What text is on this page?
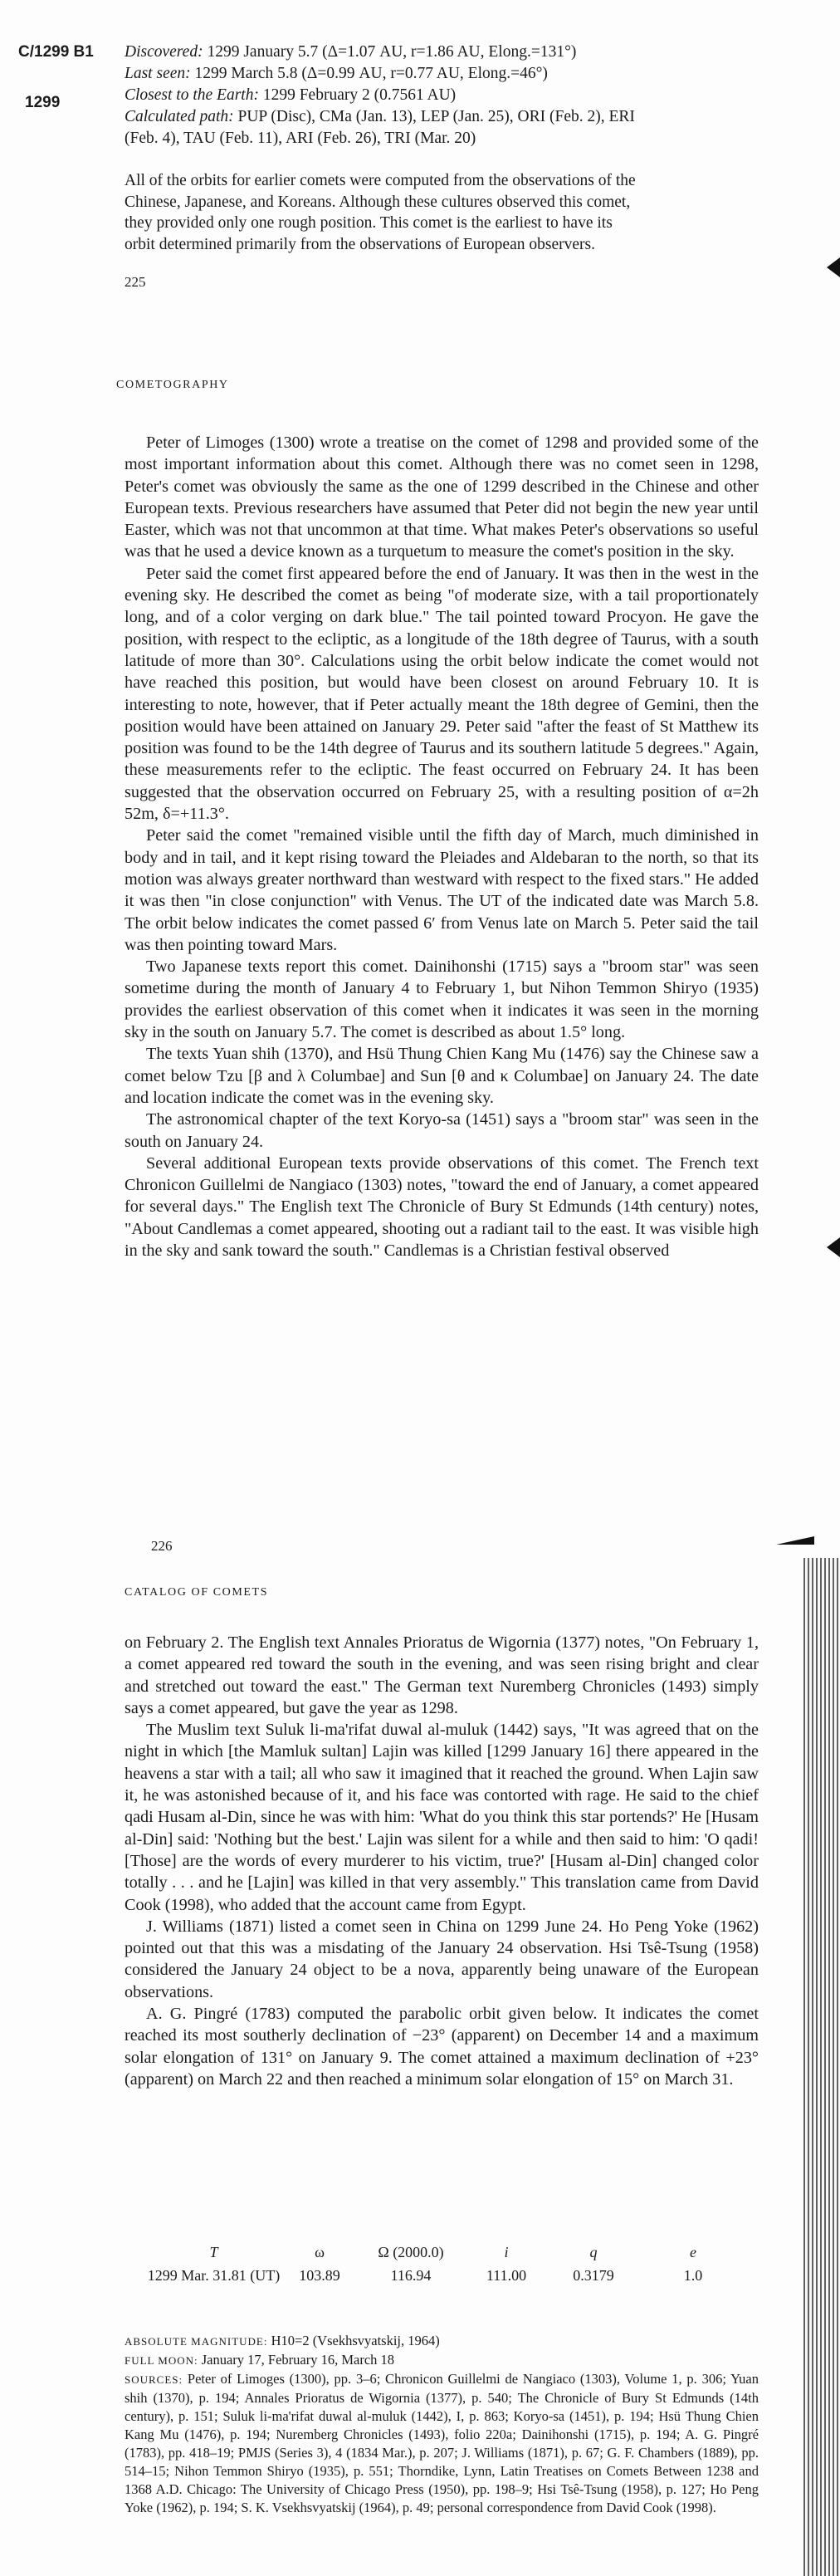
C/1299 B1
1299
Discovered: 1299 January 5.7 (Δ=1.07 AU, r=1.86 AU, Elong.=131°)
Last seen: 1299 March 5.8 (Δ=0.99 AU, r=0.77 AU, Elong.=46°)
Closest to the Earth: 1299 February 2 (0.7561 AU)
Calculated path: PUP (Disc), CMa (Jan. 13), LEP (Jan. 25), ORI (Feb. 2), ERI
(Feb. 4), TAU (Feb. 11), ARI (Feb. 26), TRI (Mar. 20)
All of the orbits for earlier comets were computed from the observations of the
Chinese, Japanese, and Koreans. Although these cultures observed this comet,
they provided only one rough position. This comet is the earliest to have its
orbit determined primarily from the observations of European observers.
225
COMETOGRAPHY
Peter of Limoges (1300) wrote a treatise on the comet of 1298 and provided some of the most important information about this comet. Although there was no comet seen in 1298, Peter's comet was obviously the same as the one of 1299 described in the Chinese and other European texts. Previous researchers have assumed that Peter did not begin the new year until Easter, which was not that uncommon at that time. What makes Peter's observations so useful was that he used a device known as a turquetum to measure the comet's position in the sky.
Peter said the comet first appeared before the end of January. It was then in the west in the evening sky. He described the comet as being "of moderate size, with a tail proportionately long, and of a color verging on dark blue." The tail pointed toward Procyon. He gave the position, with respect to the ecliptic, as a longitude of the 18th degree of Taurus, with a south latitude of more than 30°. Calculations using the orbit below indicate the comet would not have reached this position, but would have been closest on around February 10. It is interesting to note, however, that if Peter actually meant the 18th degree of Gemini, then the position would have been attained on January 29. Peter said "after the feast of St Matthew its position was found to be the 14th degree of Taurus and its southern latitude 5 degrees." Again, these measurements refer to the ecliptic. The feast occurred on February 24. It has been suggested that the observation occurred on February 25, with a resulting position of α=2h 52m, δ=+11.3°.
Peter said the comet "remained visible until the fifth day of March, much diminished in body and in tail, and it kept rising toward the Pleiades and Aldebaran to the north, so that its motion was always greater northward than westward with respect to the fixed stars." He added it was then "in close conjunction" with Venus. The UT of the indicated date was March 5.8. The orbit below indicates the comet passed 6′ from Venus late on March 5. Peter said the tail was then pointing toward Mars.
Two Japanese texts report this comet. Dainihonshi (1715) says a "broom star" was seen sometime during the month of January 4 to February 1, but Nihon Temmon Shiryo (1935) provides the earliest observation of this comet when it indicates it was seen in the morning sky in the south on January 5.7. The comet is described as about 1.5° long.
The texts Yuan shih (1370), and Hsü Thung Chien Kang Mu (1476) say the Chinese saw a comet below Tzu [β and λ Columbae] and Sun [θ and κ Columbae] on January 24. The date and location indicate the comet was in the evening sky.
The astronomical chapter of the text Koryo-sa (1451) says a "broom star" was seen in the south on January 24.
Several additional European texts provide observations of this comet. The French text Chronicon Guillelmi de Nangiaco (1303) notes, "toward the end of January, a comet appeared for several days." The English text The Chronicle of Bury St Edmunds (14th century) notes, "About Candlemas a comet appeared, shooting out a radiant tail to the east. It was visible high in the sky and sank toward the south." Candlemas is a Christian festival observed
226
CATALOG OF COMETS
on February 2. The English text Annales Prioratus de Wigornia (1377) notes, "On February 1, a comet appeared red toward the south in the evening, and was seen rising bright and clear and stretched out toward the east." The German text Nuremberg Chronicles (1493) simply says a comet appeared, but gave the year as 1298.
The Muslim text Suluk li-ma'rifat duwal al-muluk (1442) says, "It was agreed that on the night in which [the Mamluk sultan] Lajin was killed [1299 January 16] there appeared in the heavens a star with a tail; all who saw it imagined that it reached the ground. When Lajin saw it, he was astonished because of it, and his face was contorted with rage. He said to the chief qadi Husam al-Din, since he was with him: 'What do you think this star portends?' He [Husam al-Din] said: 'Nothing but the best.' Lajin was silent for a while and then said to him: 'O qadi! [Those] are the words of every murderer to his victim, true?' [Husam al-Din] changed color totally . . . and he [Lajin] was killed in that very assembly." This translation came from David Cook (1998), who added that the account came from Egypt.
J. Williams (1871) listed a comet seen in China on 1299 June 24. Ho Peng Yoke (1962) pointed out that this was a misdating of the January 24 observation. Hsi Tsê-Tsung (1958) considered the January 24 object to be a nova, apparently being unaware of the European observations.
A. G. Pingré (1783) computed the parabolic orbit given below. It indicates the comet reached its most southerly declination of −23° (apparent) on December 14 and a maximum solar elongation of 131° on January 9. The comet attained a maximum declination of +23° (apparent) on March 22 and then reached a minimum solar elongation of 15° on March 31.
T	ω	Ω (2000.0)	i	q	e
1299 Mar. 31.81 (UT)	103.89	116.94	111.00	0.3179	1.0
ABSOLUTE MAGNITUDE: H10=2 (Vsekhsvyatskij, 1964)
FULL MOON: January 17, February 16, March 18
SOURCES: Peter of Limoges (1300), pp. 3–6; Chronicon Guillelmi de Nangiaco (1303), Volume 1, p. 306; Yuan shih (1370), p. 194; Annales Prioratus de Wigornia (1377), p. 540; The Chronicle of Bury St Edmunds (14th century), p. 151; Suluk li-ma'rifat duwal al-muluk (1442), I, p. 863; Koryo-sa (1451), p. 194; Hsü Thung Chien Kang Mu (1476), p. 194; Nuremberg Chronicles (1493), folio 220a; Dainihonshi (1715), p. 194; A. G. Pingré (1783), pp. 418–19; PMJS (Series 3), 4 (1834 Mar.), p. 207; J. Williams (1871), p. 67; G. F. Chambers (1889), pp. 514–15; Nihon Temmon Shiryo (1935), p. 551; Thorndike, Lynn, Latin Treatises on Comets Between 1238 and 1368 A.D. Chicago: The University of Chicago Press (1950), pp. 198–9; Hsi Tsê-Tsung (1958), p. 127; Ho Peng Yoke (1962), p. 194; S. K. Vsekhsvyatskij (1964), p. 49; personal correspondence from David Cook (1998).
